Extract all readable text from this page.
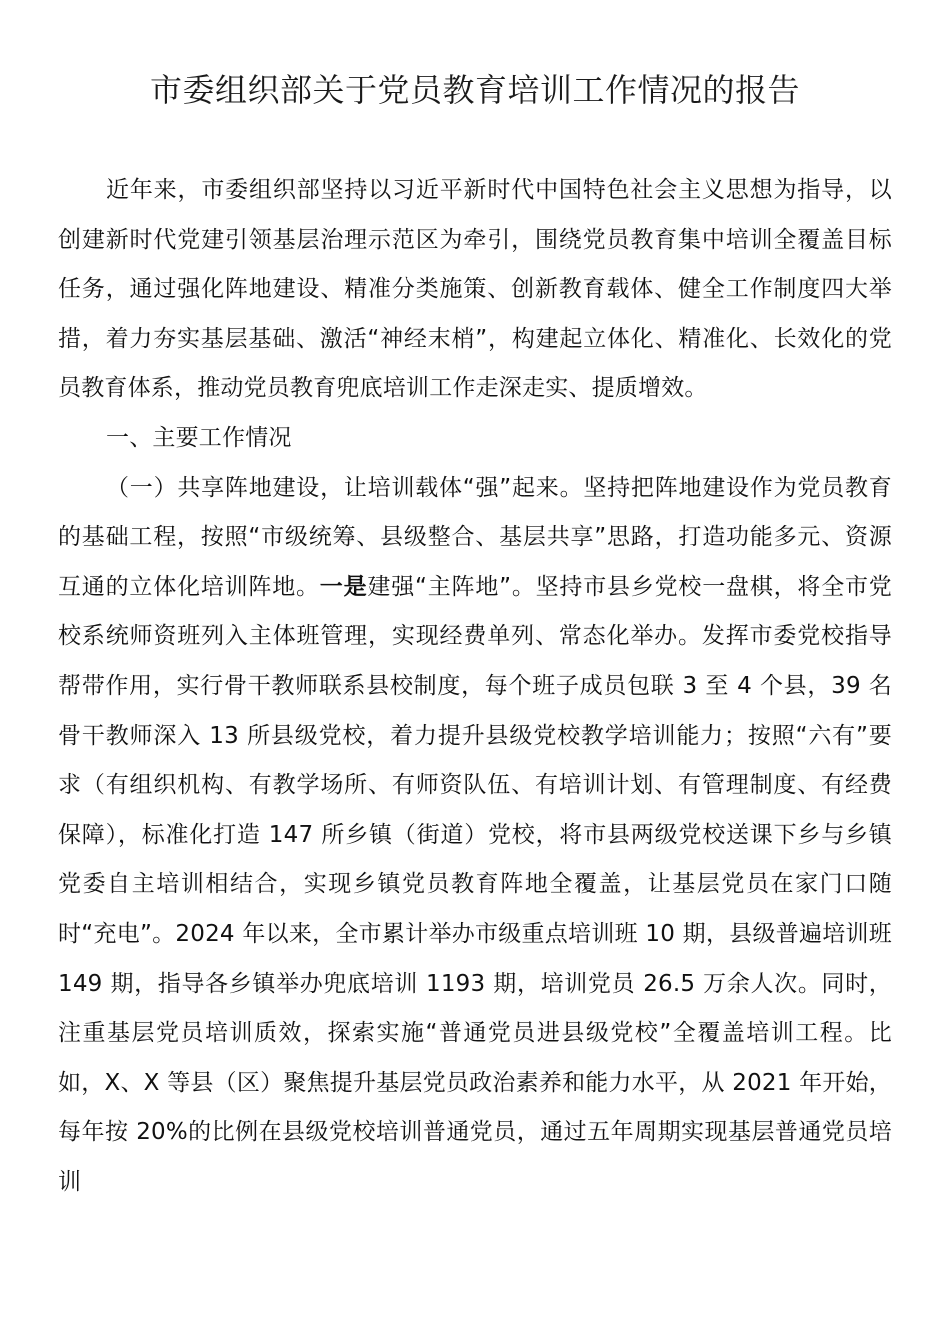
市委组织部关于党员教育培训工作情况的报告

近年来，市委组织部坚持以习近平新时代中国特色社会主义思想为指导，以创建新时代党建引领基层治理示范区为牵引，围绕党员教育集中培训全覆盖目标任务，通过强化阵地建设、精准分类施策、创新教育载体、健全工作制度四大举措，着力夯实基层基础、激活“神经末梢”，构建起立体化、精准化、长效化的党员教育体系，推动党员教育兜底培训工作走深走实、提质增效。

一、主要工作情况

（一）共享阵地建设，让培训载体“强”起来。坚持把阵地建设作为党员教育的基础工程，按照“市级统筹、县级整合、基层共享”思路，打造功能多元、资源互通的立体化培训阵地。一是建强“主阵地”。坚持市县乡党校一盘棋，将全市党校系统师资班列入主体班管理，实现经费单列、常态化举办。发挥市委党校指导帮带作用，实行骨干教师联系县校制度，每个班子成员包联 3 至 4 个县，39 名骨干教师深入 13 所县级党校，着力提升县级党校教学培训能力；按照“六有”要求（有组织机构、有教学场所、有师资队伍、有培训计划、有管理制度、有经费保障），标准化打造 147 所乡镇（街道）党校，将市县两级党校送课下乡与乡镇党委自主培训相结合，实现乡镇党员教育阵地全覆盖，让基层党员在家门口随时“充电”。2024 年以来，全市累计举办市级重点培训班 10 期，县级普遍培训班 149 期，指导各乡镇举办兜底培训 1193 期，培训党员 26.5 万余人次。同时，注重基层党员培训质效，探索实施“普通党员进县级党校”全覆盖培训工程。比如，X、X 等县（区）聚焦提升基层党员政治素养和能力水平，从 2021 年开始，每年按 20%的比例在县级党校培训普通党员，通过五年周期实现基层普通党员培训
